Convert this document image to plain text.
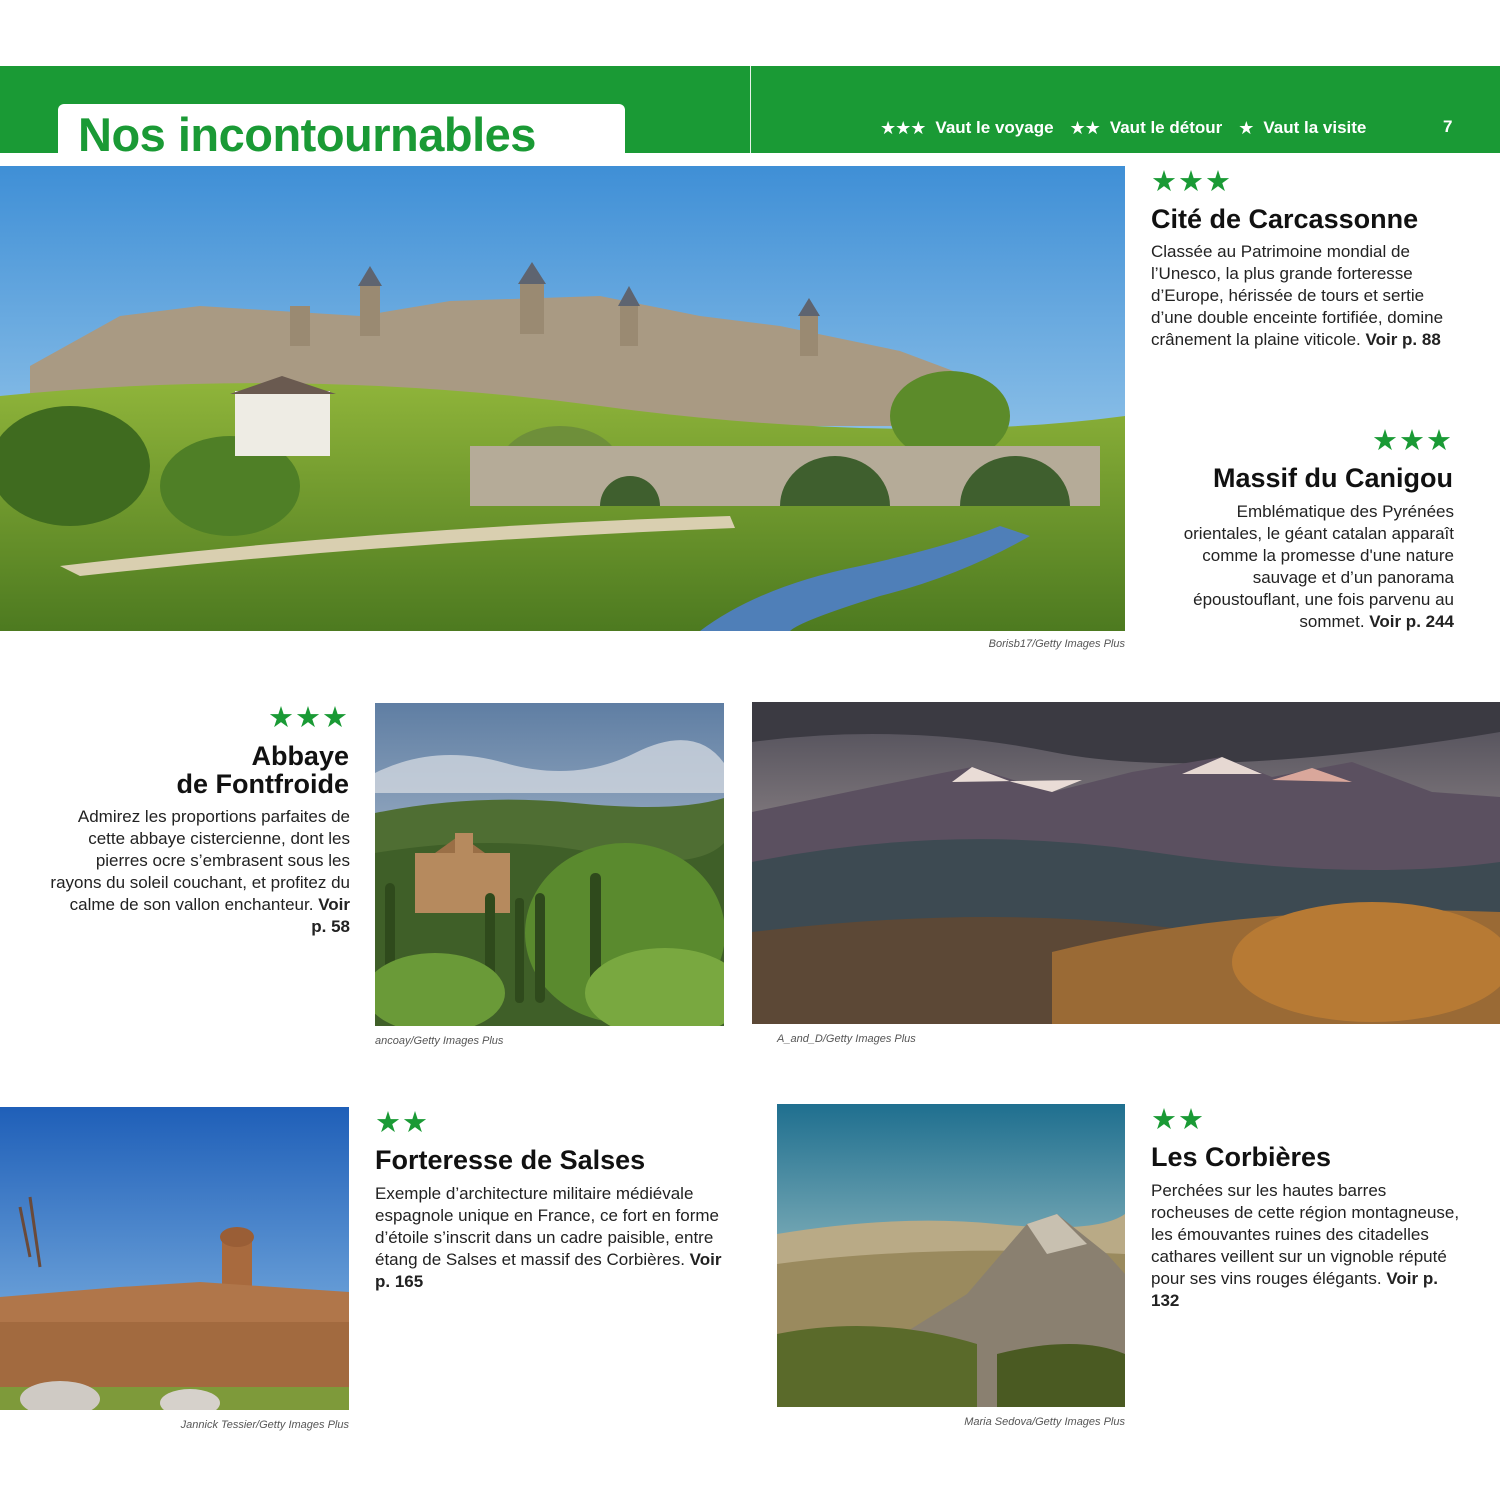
Nos incontournables	★★★ Vaut le voyage ★★ Vaut le détour ★ Vaut la visite	7
Borisb17/Getty Images Plus
★★★
Cité de Carcassonne
Classée au Patrimoine mondial de l’Unesco, la plus grande forteresse d’Europe, hérissée de tours et sertie d’une double enceinte fortifiée, domine crânement la plaine viticole. Voir p. 88
★★★
Massif du Canigou
Emblématique des Pyrénées orientales, le géant catalan apparaît comme la promesse d'une nature sauvage et d’un panorama époustouflant, une fois parvenu au sommet. Voir p. 244
★★★
Abbaye
de Fontfroide
Admirez les proportions parfaites de cette abbaye cistercienne, dont les pierres ocre s’embrasent sous les rayons du soleil couchant, et profitez du calme de son vallon enchanteur. Voir p. 58
ancoay/Getty Images Plus	A_and_D/Getty Images Plus
Jannick Tessier/Getty Images Plus
★★
Forteresse de Salses
Exemple d’architecture militaire médiévale espagnole unique en France, ce fort en forme d’étoile s’inscrit dans un cadre paisible, entre étang de Salses et massif des Corbières. Voir p. 165
Maria Sedova/Getty Images Plus
★★
Les Corbières
Perchées sur les hautes barres rocheuses de cette région montagneuse, les émouvantes ruines des citadelles cathares veillent sur un vignoble réputé pour ses vins rouges élégants. Voir p. 132
